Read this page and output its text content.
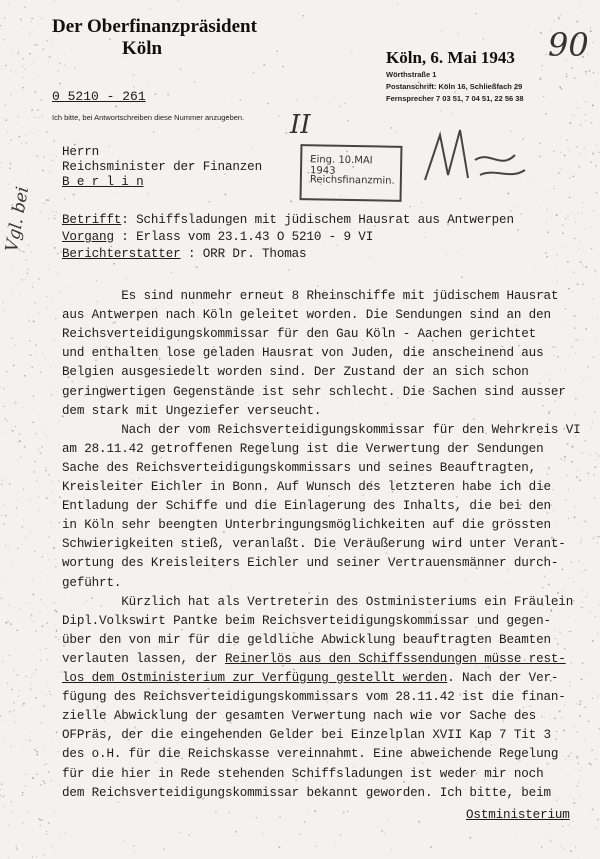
Der Oberfinanzpräsident
Köln
0 5210 - 261
Ich bitte, bei Antwortschreiben diese Nummer anzugeben.
Köln, 6. Mai 1943
Wörthstraße 1
Postanschrift: Köln 16, Schließfach 29
Fernsprecher 7 03 51, 7 04 51, 22 56 38
90
II
Vgl. bei
Herrn
Reichsminister der Finanzen
B e r l i n
Eing. 10.MAI 1943
Reichsfinanzmin.
Betrifft: Schiffsladungen mit jüdischem Hausrat aus Antwerpen
Vorgang : Erlass vom 23.1.43 O 5210 - 9 VI
Berichterstatter : ORR Dr. Thomas
Es sind nunmehr erneut 8 Rheinschiffe mit jüdischem Hausrat
aus Antwerpen nach Köln geleitet worden. Die Sendungen sind an den
Reichsverteidigungskommissar für den Gau Köln - Aachen gerichtet
und enthalten lose geladen Hausrat von Juden, die anscheinend aus
Belgien ausgesiedelt worden sind. Der Zustand der an sich schon
geringwertigen Gegenstände ist sehr schlecht. Die Sachen sind ausser
dem stark mit Ungeziefer verseucht.
Nach der vom Reichsverteidigungskommissar für den Wehrkreis VI
am 28.11.42 getroffenen Regelung ist die Verwertung der Sendungen
Sache des Reichsverteidigungskommissars und seines Beauftragten,
Kreisleiter Eichler in Bonn. Auf Wunsch des letzteren habe ich die
Entladung der Schiffe und die Einlagerung des Inhalts, die bei den
in Köln sehr beengten Unterbringungsmöglichkeiten auf die grössten
Schwierigkeiten stieß, veranlaßt. Die Veräußerung wird unter Verant-
wortung des Kreisleiters Eichler und seiner Vertrauensmänner durch-
geführt.
Kürzlich hat als Vertreterin des Ostministeriums ein Fräulein
Dipl.Volkswirt Pantke beim Reichsverteidigungskommissar und gegen-
über den von mir für die geldliche Abwicklung beauftragten Beamten
verlauten lassen, der Reinerlös aus den Schiffssendungen müsse rest-
los dem Ostministerium zur Verfügung gestellt werden. Nach der Ver-
fügung des Reichsverteidigungskommissars vom 28.11.42 ist die finan-
zielle Abwicklung der gesamten Verwertung nach wie vor Sache des
OFPräs, der die eingehenden Gelder bei Einzelplan XVII Kap 7 Tit 3
des o.H. für die Reichskasse vereinnahmt. Eine abweichende Regelung
für die hier in Rede stehenden Schiffsladungen ist weder mir noch
dem Reichsverteidigungskommissar bekannt geworden. Ich bitte, beim
Ostministerium
